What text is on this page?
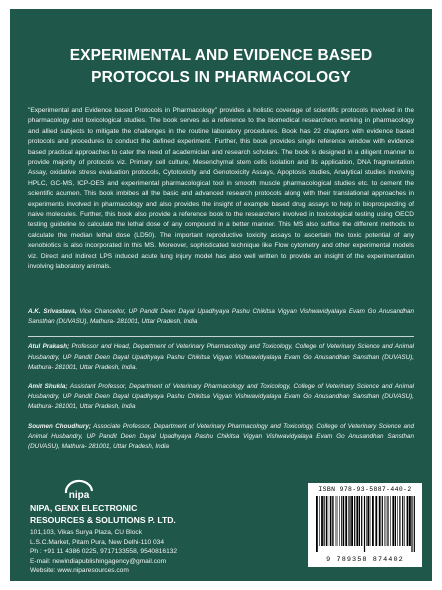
EXPERIMENTAL AND EVIDENCE BASED
PROTOCOLS IN PHARMACOLOGY

"Experimental and Evidence based Protocols in Pharmacology" provides a holistic coverage of scientific protocols involved in the pharmacology and toxicological studies. The book serves as a reference to the biomedical researchers working in pharmacology and allied subjects to mitigate the challenges in the routine laboratory procedures. Book has 22 chapters with evidence based protocols and procedures to conduct the defined experiment. Further, this book provides single reference window with evidence based practical approaches to cater the need of academician and research scholars. The book is designed in a diligent manner to provide majority of protocols viz. Primary cell culture, Mesenchymal stem cells isolation and its application, DNA fragmentation Assay, oxidative stress evaluation protocols, Cytotoxicity and Genotoxicity Assays, Apoptosis studies, Analytical studies involving HPLC, GC-MS, ICP-OES and experimental pharmacological tool in smooth muscle pharmacological studies etc. to cement the scientific acumen. This book imbibes all the basic and advanced research protocols along with their translational approaches in experiments involved in pharmacology and also provides the insight of example based drug assays to help in bioprospecting of naive molecules. Further, this book also provide a reference book to the researchers involved in toxicological testing using OECD testing guideline to calculate the lethal dose of any compound in a better manner. This MS also suffice the different methods to calculate the median lethal dose (LD50). The important reproductive toxicity assays to ascertain the toxic potential of any xenobiotics is also incorporated in this MS. Moreover, sophisticated technique like Flow cytometry and other experimental models viz. Direct and Indirect LPS induced acute lung injury model has also well written to provide an insight of the experimentation involving laboratory animals.

A.K. Srivastava, Vice Chancellor, UP Pandit Deen Dayal Upadhyaya Pashu Chikitsa Vigyan Vishwavidyalaya Evam Go Anusandhan Sansthan (DUVASU), Mathura- 281001, Uttar Pradesh, India

Atul Prakash; Professor and Head, Department of Veterinary Pharmacology and Toxicology, College of Veterinary Science and Animal Husbandry, UP Pandit Deen Dayal Upadhyaya Pashu Chikitsa Vigyan Vishwavidyalaya Evam Go Anusandhan Sansthan (DUVASU), Mathura- 281001, Uttar Pradesh, India.

Amit Shukla; Assistant Professor, Department of Veterinary Pharmacology and Toxicology, College of Veterinary Science and Animal Husbandry, UP Pandit Deen Dayal Upadhyaya Pashu Chikitsa Vigyan Vishwavidyalaya Evam Go Anusandhan Sansthan (DUVASU), Mathura- 281001, Uttar Pradesh, India

Soumen Choudhury; Associate Professor, Department of Veterinary Pharmacology and Toxicology, College of Veterinary Science and Animal Husbandry, UP Pandit Deen Dayal Upadhyaya Pashu Chikitsa Vigyan Vishwavidyalaya Evam Go Anusandhan Sansthan (DUVASU), Mathura- 281001, Uttar Pradesh, India

nipa

NIPA, GENX ELECTRONIC

RESOURCES & SOLUTIONS P. LTD.

101,103, Vikas Surya Plaza, CU Block

L.S.C.Market, Pitam Pura, New Delhi-110 034

Ph : +91 11 4386 0225, 9717133558, 9540816132

E-mail: newindiapublishingagency@gmail.com

Website: www.niparesources.com

ISBN 978-93-5887-440-2
9 789358 874402
